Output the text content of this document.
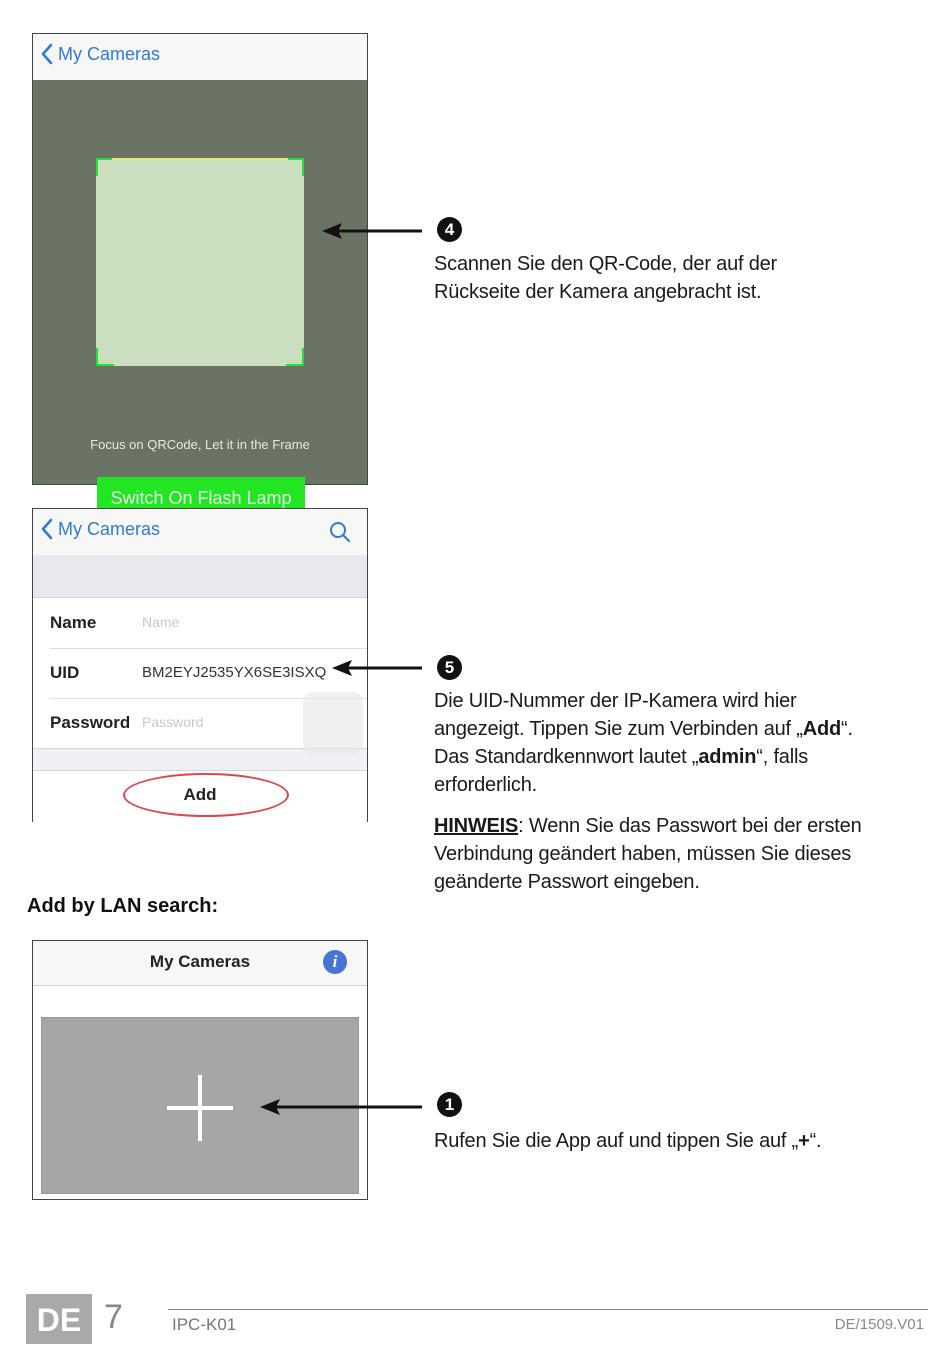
My Cameras
Focus on QRCode, Let it in the Frame
Switch On Flash Lamp
4
Scannen Sie den QR-Code, der auf der Rückseite der Kamera angebracht ist.
My Cameras
Name	Name
UID	BM2EYJ2535YX6SE3ISXQ
Password Password
Add
5
Die UID-Nummer der IP-Kamera wird hier angezeigt. Tippen Sie zum Verbinden auf „Add“. Das Standardkennwort lautet „admin“, falls erforderlich.
HINWEIS: Wenn Sie das Passwort bei der ersten Verbindung geändert haben, müssen Sie dieses geänderte Passwort eingeben.
Add by LAN search:
My Cameras	i
1
Rufen Sie die App auf und tippen Sie auf „+“.
DE 7	IPC-K01	DE/1509.V01
